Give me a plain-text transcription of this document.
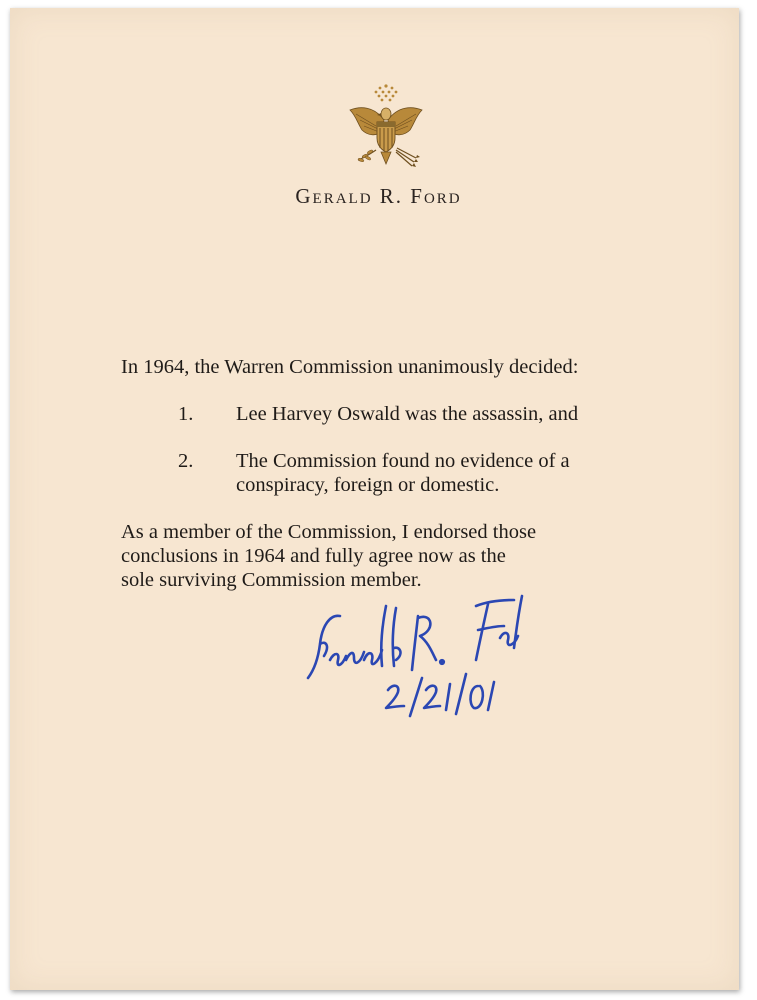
Gerald R. Ford
In 1964, the Warren Commission unanimously decided:
1. Lee Harvey Oswald was the assassin, and
2. The Commission found no evidence of a conspiracy, foreign or domestic.
As a member of the Commission, I endorsed those conclusions in 1964 and fully agree now as the sole surviving Commission member.
